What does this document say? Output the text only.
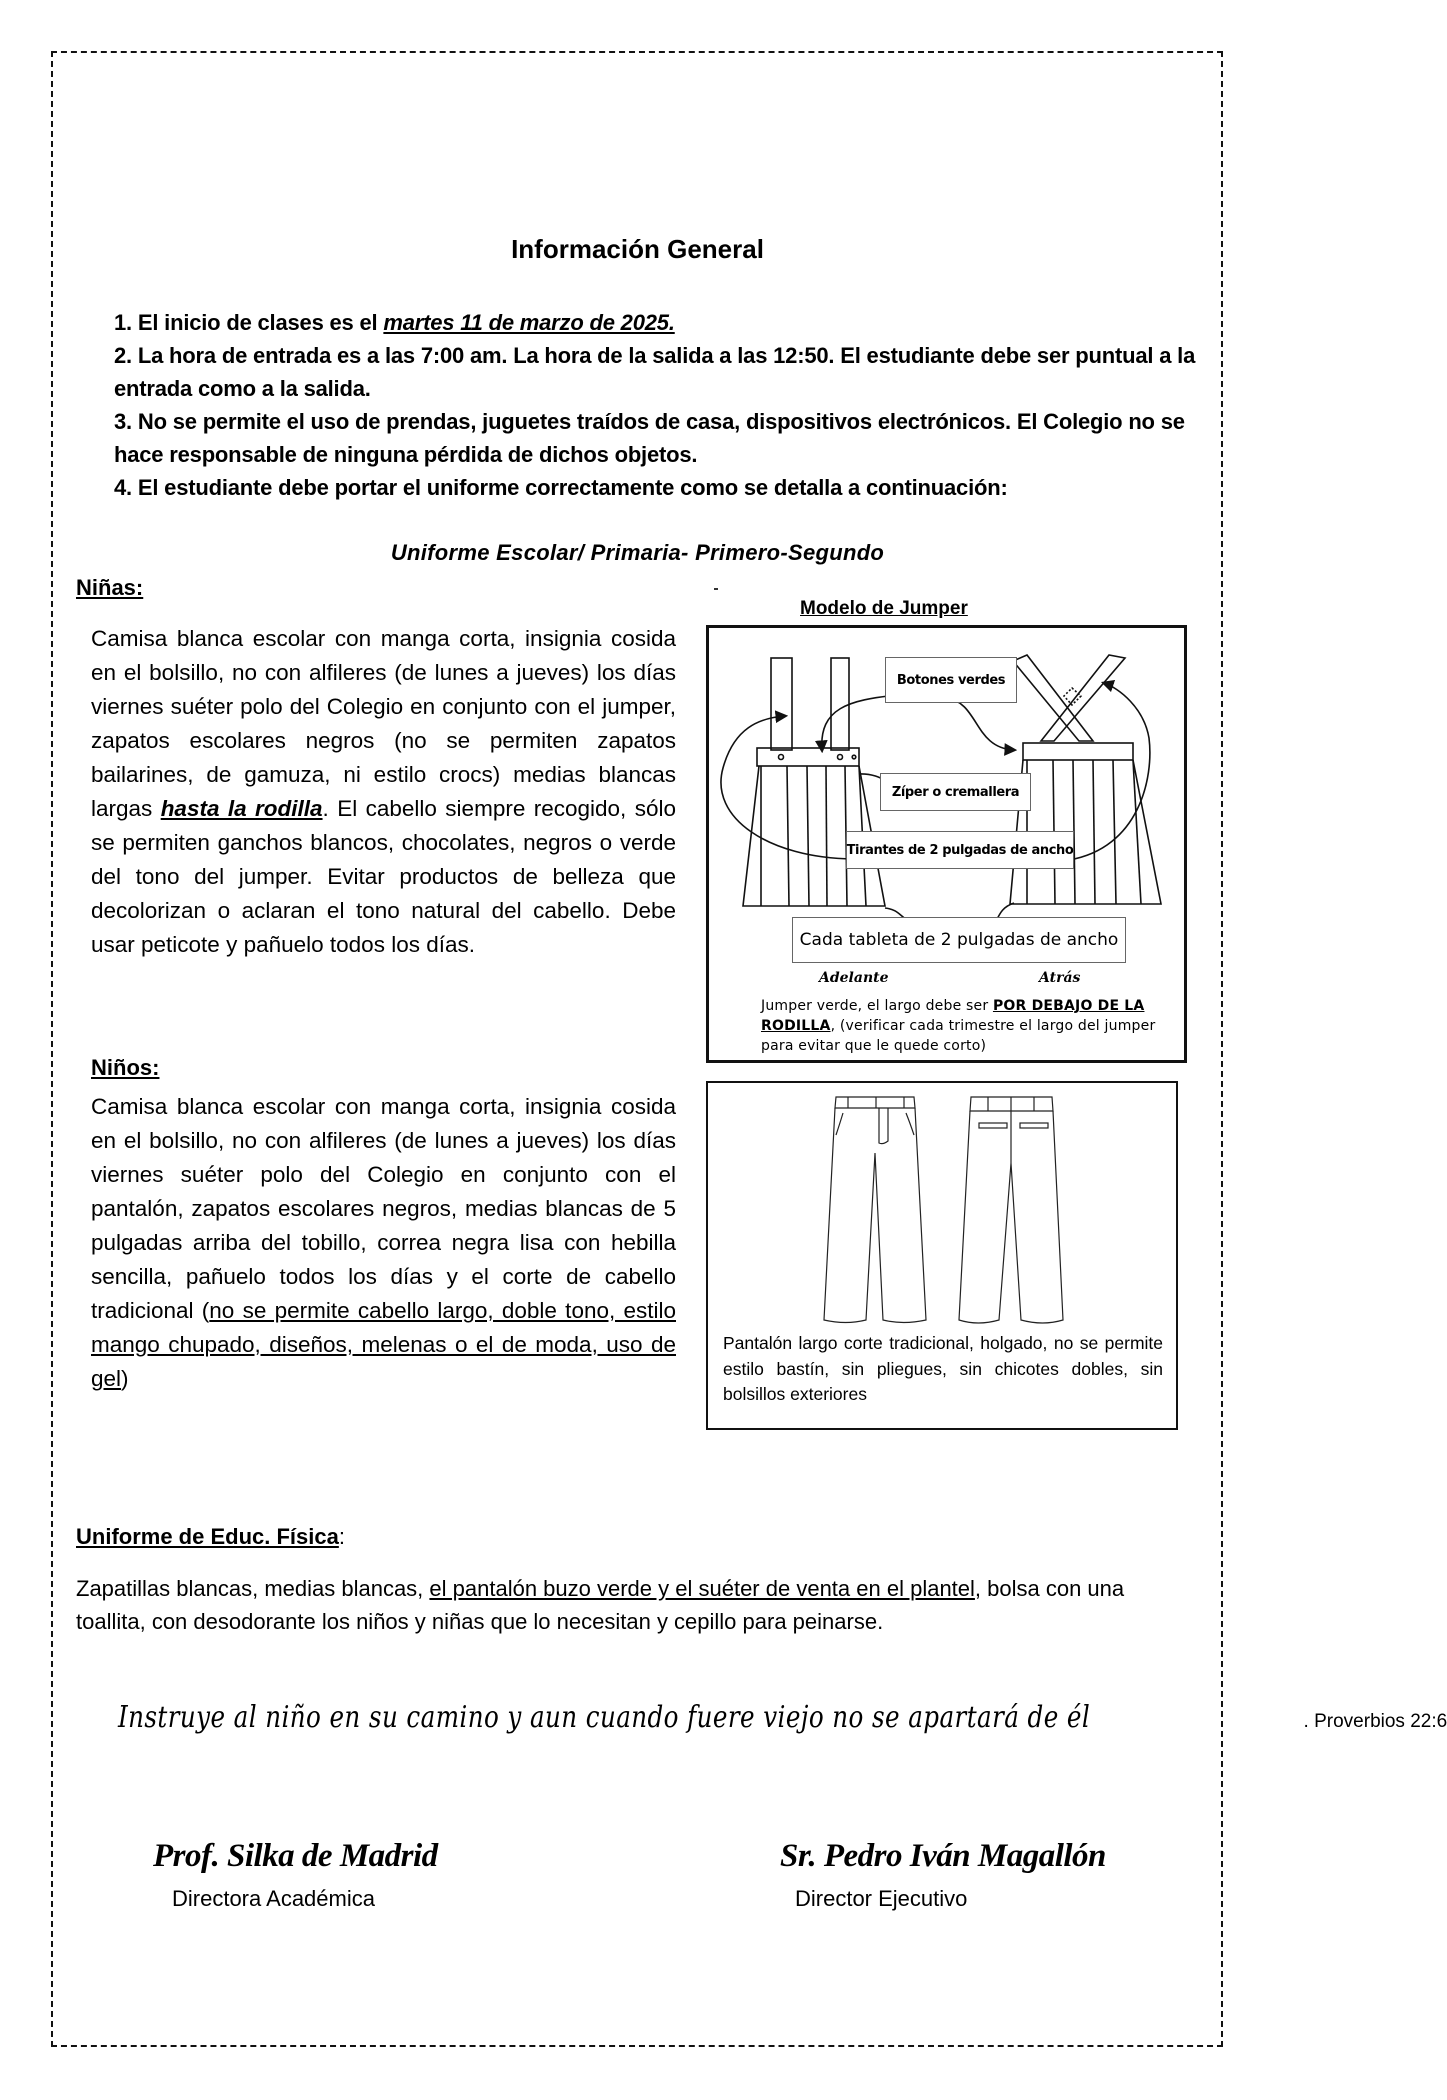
Información General

1. El inicio de clases es el martes 11 de marzo de 2025.

2. La hora de entrada es a las 7:00 am. La hora de la salida a las 12:50. El estudiante debe ser puntual a la entrada como a la salida.

3. No se permite el uso de prendas, juguetes traídos de casa, dispositivos electrónicos. El Colegio no se hace responsable de ninguna pérdida de dichos objetos.

4. El estudiante debe portar el uniforme correctamente como se detalla a continuación:

Uniforme Escolar/ Primaria- Primero-Segundo
Niñas:
Camisa blanca escolar con manga corta, insignia cosida en el bolsillo, no con alfileres (de lunes a jueves) los días viernes suéter polo del Colegio en conjunto con el jumper, zapatos escolares negros (no se permiten zapatos bailarines, de gamuza, ni estilo crocs) medias blancas largas hasta la rodilla. El cabello siempre recogido, sólo se permiten ganchos blancos, chocolates, negros o verde del tono del jumper. Evitar productos de belleza que decolorizan o aclaran el tono natural del cabello. Debe usar peticote y pañuelo todos los días.
Niños:
Camisa blanca escolar con manga corta, insignia cosida en el bolsillo, no con alfileres (de lunes a jueves) los días viernes suéter polo del Colegio en conjunto con el pantalón, zapatos escolares negros, medias blancas de 5 pulgadas arriba del tobillo, correa negra lisa con hebilla sencilla, pañuelo todos los días y el corte de cabello tradicional (no se permite cabello largo, doble tono, estilo mango chupado, diseños, melenas o el de moda, uso de gel)
Modelo de Jumper
Botones verdes
Zíper o cremallera
Tirantes de 2 pulgadas de ancho
Cada tableta de 2 pulgadas de ancho
Adelante	Atrás
Jumper verde, el largo debe ser POR DEBAJO DE LA RODILLA, (verificar cada trimestre el largo del jumper para evitar que le quede corto)
Pantalón largo corte tradicional, holgado, no se permite estilo bastín, sin pliegues, sin chicotes dobles, sin bolsillos exteriores
Uniforme de Educ. Física:
Zapatillas blancas, medias blancas, el pantalón buzo verde y el suéter de venta en el plantel, bolsa con una toallita, con desodorante los niños y niñas que lo necesitan y cepillo para peinarse.
Instruye al niño en su camino y aun cuando fuere viejo no se apartará de él	. Proverbios 22:6
Prof. Silka de Madrid
Directora Académica
Sr. Pedro Iván Magallón
Director Ejecutivo
